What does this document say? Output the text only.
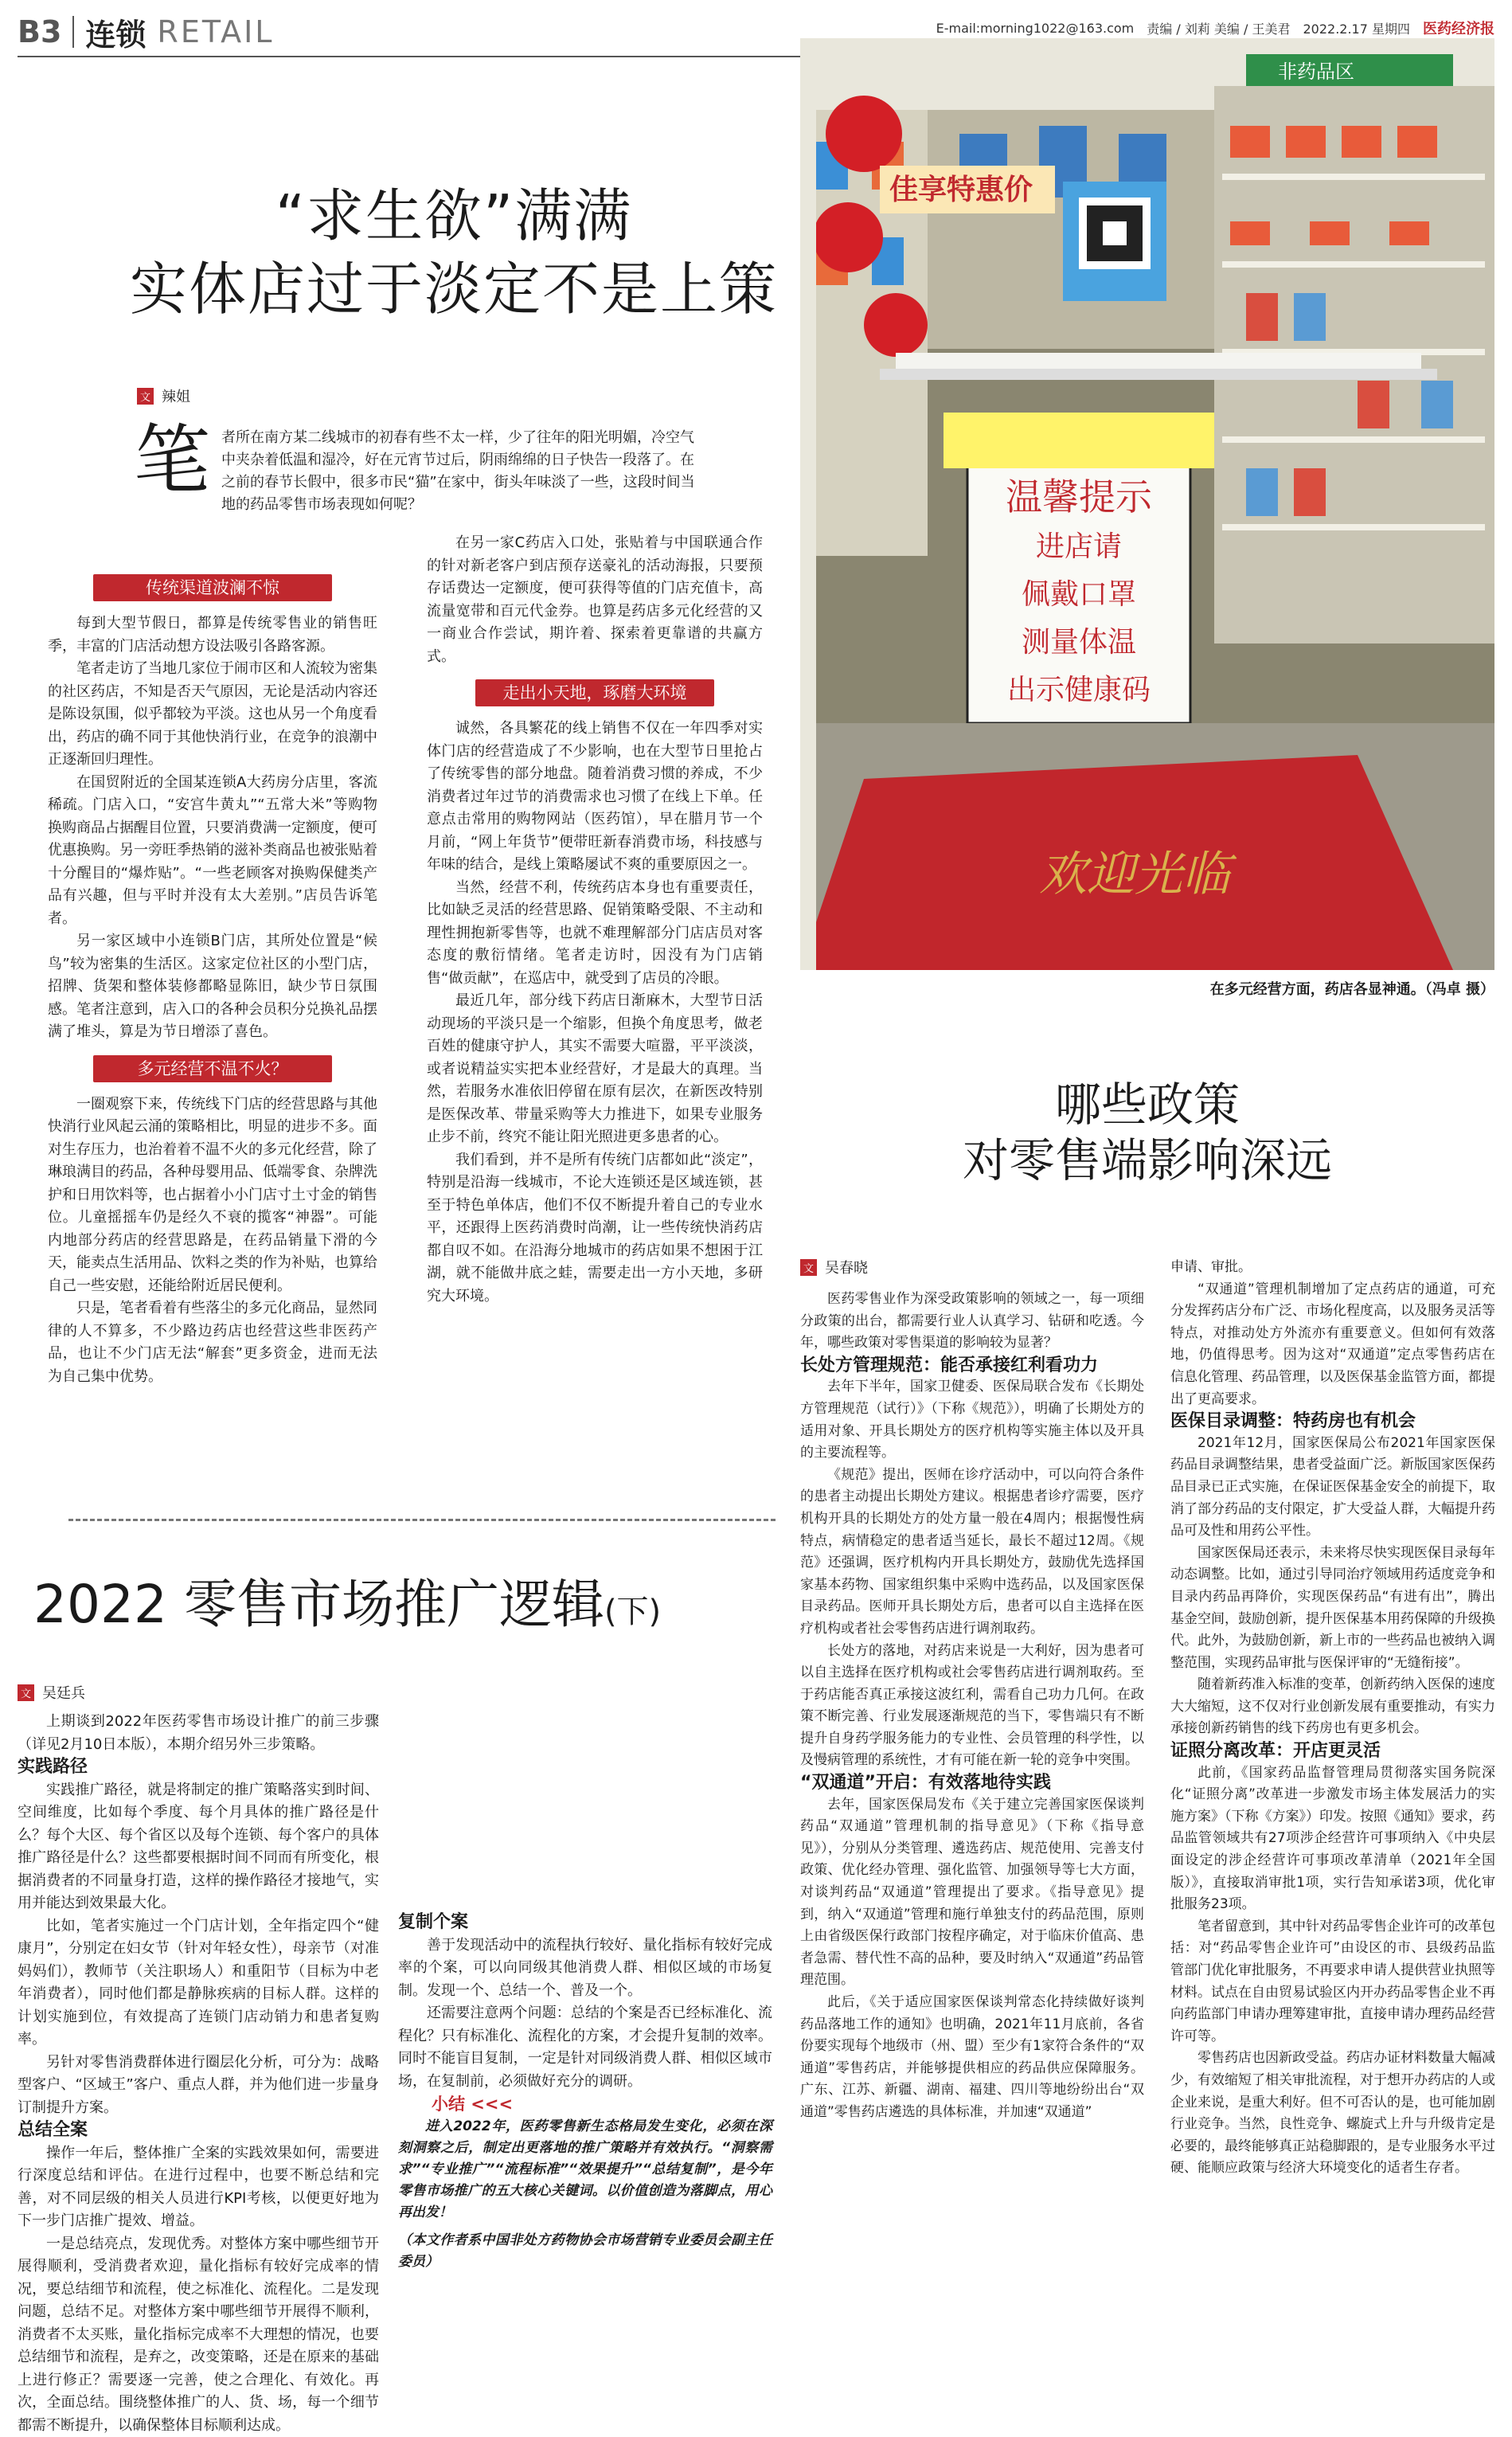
B3 连锁 RETAIL	E-mail:morning1022@163.com 责编 / 刘莉 美编 / 王美君 2022.2.17 星期四 医药经济报
“求生欲”满满
实体店过于淡定不是上策
文 辣姐
笔 者所在南方某二线城市的初春有些不太一样，少了往年的阳光明媚，冷空气中夹杂着低温和湿冷，好在元宵节过后，阴雨绵绵的日子快告一段落了。在之前的春节长假中，很多市民“猫”在家中，街头年味淡了一些，这段时间当地的药品零售市场表现如何呢？
非药品区
佳享特惠价
温馨提示
进店请
佩戴口罩
测量体温
出示健康码
欢迎光临
在多元经营方面，药店各显神通。（冯卓 摄）
传统渠道波澜不惊

每到大型节假日，都算是传统零售业的销售旺季，丰富的门店活动想方设法吸引各路客源。

笔者走访了当地几家位于闹市区和人流较为密集的社区药店，不知是否天气原因，无论是活动内容还是陈设氛围，似乎都较为平淡。这也从另一个角度看出，药店的确不同于其他快消行业，在竞争的浪潮中正逐渐回归理性。

在国贸附近的全国某连锁A大药房分店里，客流稀疏。门店入口，“安宫牛黄丸”“五常大米”等购物换购商品占据醒目位置，只要消费满一定额度，便可优惠换购。另一旁旺季热销的滋补类商品也被张贴着十分醒目的“爆炸贴”。“一些老顾客对换购保健类产品有兴趣，但与平时并没有太大差别。”店员告诉笔者。

另一家区域中小连锁B门店，其所处位置是“候鸟”较为密集的生活区。这家定位社区的小型门店，招牌、货架和整体装修都略显陈旧，缺少节日氛围感。笔者注意到，店入口的各种会员积分兑换礼品摆满了堆头，算是为节日增添了喜色。

多元经营不温不火？

一圈观察下来，传统线下门店的经营思路与其他快消行业风起云涌的策略相比，明显的进步不多。面对生存压力，也治着着不温不火的多元化经营，除了琳琅满目的药品，各种母婴用品、低端零食、杂牌洗护和日用饮料等，也占据着小小门店寸土寸金的销售位。儿童摇摇车仍是经久不衰的揽客“神器”。可能内地部分药店的经营思路是，在药品销量下滑的今天，能卖点生活用品、饮料之类的作为补贴，也算给自己一些安慰，还能给附近居民便利。

只是，笔者看着有些落尘的多元化商品，显然同律的人不算多，不少路边药店也经营这些非医药产品，也让不少门店无法“解套”更多资金，进而无法为自己集中优势。

在另一家C药店入口处，张贴着与中国联通合作的针对新老客户到店预存送豪礼的活动海报，只要预存话费达一定额度，便可获得等值的门店充值卡，高流量宽带和百元代金券。也算是药店多元化经营的又一商业合作尝试，期许着、探索着更靠谱的共赢方式。

走出小天地，琢磨大环境

诚然，各具繁花的线上销售不仅在一年四季对实体门店的经营造成了不少影响，也在大型节日里抢占了传统零售的部分地盘。随着消费习惯的养成，不少消费者过年过节的消费需求也习惯了在线上下单。任意点击常用的购物网站（医药馆），早在腊月节一个月前，“网上年货节”便带旺新春消费市场，科技感与年味的结合，是线上策略屡试不爽的重要原因之一。

当然，经营不利，传统药店本身也有重要责任，比如缺乏灵活的经营思路、促销策略受限、不主动和理性拥抱新零售等，也就不难理解部分门店店员对客态度的敷衍情绪。笔者走访时，因没有为门店销售“做贡献”，在巡店中，就受到了店员的冷眼。

最近几年，部分线下药店日渐麻木，大型节日活动现场的平淡只是一个缩影，但换个角度思考，做老百姓的健康守护人，其实不需要大喧嚣，平平淡淡，或者说精益实实把本业经营好，才是最大的真理。当然，若服务水准依旧停留在原有层次，在新医改特别是医保改革、带量采购等大力推进下，如果专业服务止步不前，终究不能让阳光照进更多患者的心。

我们看到，并不是所有传统门店都如此“淡定”，特别是沿海一线城市，不论大连锁还是区域连锁，甚至于特色单体店，他们不仅不断提升着自己的专业水平，还跟得上医药消费时尚潮，让一些传统快消药店都自叹不如。在沿海分地城市的药店如果不想困于江湖，就不能做井底之蛙，需要走出一方小天地，多研究大环境。

2022 零售市场推广逻辑(下)
文 吴廷兵

上期谈到2022年医药零售市场设计推广的前三步骤（详见2月10日本版），本期介绍另外三步策略。

实践路径

实践推广路径，就是将制定的推广策略落实到时间、空间维度，比如每个季度、每个月具体的推广路径是什么？每个大区、每个省区以及每个连锁、每个客户的具体推广路径是什么？这些都要根据时间不同而有所变化，根据消费者的不同量身打造，这样的操作路径才接地气，实用并能达到效果最大化。

比如，笔者实施过一个门店计划，全年指定四个“健康月”，分别定在妇女节（针对年轻女性），母亲节（对准妈妈们），教师节（关注职场人）和重阳节（目标为中老年消费者），同时他们都是静脉疾病的目标人群。这样的计划实施到位，有效提高了连锁门店动销力和患者复购率。

另针对零售消费群体进行圈层化分析，可分为：战略型客户、“区域王”客户、重点人群，并为他们进一步量身订制提升方案。

总结全案

操作一年后，整体推广全案的实践效果如何，需要进行深度总结和评估。在进行过程中，也要不断总结和完善，对不同层级的相关人员进行KPI考核，以便更好地为下一步门店推广提效、增益。

一是总结亮点，发现优秀。对整体方案中哪些细节开展得顺利，受消费者欢迎，量化指标有较好完成率的情况，要总结细节和流程，使之标准化、流程化。二是发现问题，总结不足。对整体方案中哪些细节开展得不顺利，消费者不太买账，量化指标完成率不大理想的情况，也要总结细节和流程，是弃之，改变策略，还是在原来的基础上进行修正？需要逐一完善，使之合理化、有效化。再次，全面总结。围绕整体推广的人、货、场，每一个细节都需不断提升，以确保整体目标顺利达成。

复制个案

善于发现活动中的流程执行较好、量化指标有较好完成率的个案，可以向同级其他消费人群、相似区域的市场复制。发现一个、总结一个、普及一个。

还需要注意两个问题：总结的个案是否已经标准化、流程化？只有标准化、流程化的方案，才会提升复制的效率。同时不能盲目复制，一定是针对同级消费人群、相似区域市场，在复制前，必须做好充分的调研。

小结 <<<

进入2022年，医药零售新生态格局发生变化，必须在深刻洞察之后，制定出更落地的推广策略并有效执行。“洞察需求”“专业推广”“流程标准”“效果提升”“总结复制”，是今年零售市场推广的五大核心关键词。以价值创造为落脚点，用心再出发！

（本文作者系中国非处方药物协会市场营销专业委员会副主任委员）

哪些政策
对零售端影响深远
文 吴春晓

医药零售业作为深受政策影响的领域之一，每一项细分政策的出台，都需要行业人认真学习、钻研和吃透。今年，哪些政策对零售渠道的影响较为显著？

长处方管理规范：能否承接红利看功力

去年下半年，国家卫健委、医保局联合发布《长期处方管理规范（试行）》（下称《规范》），明确了长期处方的适用对象、开具长期处方的医疗机构等实施主体以及开具的主要流程等。

《规范》提出，医师在诊疗活动中，可以向符合条件的患者主动提出长期处方建议。根据患者诊疗需要，医疗机构开具的长期处方的处方量一般在4周内；根据慢性病特点，病情稳定的患者适当延长，最长不超过12周。《规范》还强调，医疗机构内开具长期处方，鼓励优先选择国家基本药物、国家组织集中采购中选药品，以及国家医保目录药品。医师开具长期处方后，患者可以自主选择在医疗机构或者社会零售药店进行调剂取药。

长处方的落地，对药店来说是一大利好，因为患者可以自主选择在医疗机构或社会零售药店进行调剂取药。至于药店能否真正承接这波红利，需看自己功力几何。在政策不断完善、行业发展逐渐规范的当下，零售端只有不断提升自身药学服务能力的专业性、会员管理的科学性，以及慢病管理的系统性，才有可能在新一轮的竞争中突围。

“双通道”开启：有效落地待实践

去年，国家医保局发布《关于建立完善国家医保谈判药品“双通道”管理机制的指导意见》（下称《指导意见》），分别从分类管理、遴选药店、规范使用、完善支付政策、优化经办管理、强化监管、加强领导等七大方面，对谈判药品“双通道”管理提出了要求。《指导意见》提到，纳入“双通道”管理和施行单独支付的药品范围，原则上由省级医保行政部门按程序确定，对于临床价值高、患者急需、替代性不高的品种，要及时纳入“双通道”药品管理范围。

此后，《关于适应国家医保谈判常态化持续做好谈判药品落地工作的通知》也明确，2021年11月底前，各省份要实现每个地级市（州、盟）至少有1家符合条件的“双通道”零售药店，并能够提供相应的药品供应保障服务。广东、江苏、新疆、湖南、福建、四川等地纷纷出台“双通道”零售药店遴选的具体标准，并加速“双通道”

申请、审批。

“双通道”管理机制增加了定点药店的通道，可充分发挥药店分布广泛、市场化程度高，以及服务灵活等特点，对推动处方外流亦有重要意义。但如何有效落地，仍值得思考。因为这对“双通道”定点零售药店在信息化管理、药品管理，以及医保基金监管方面，都提出了更高要求。

医保目录调整：特药房也有机会

2021年12月，国家医保局公布2021年国家医保药品目录调整结果，患者受益面广泛。新版国家医保药品目录已正式实施，在保证医保基金安全的前提下，取消了部分药品的支付限定，扩大受益人群，大幅提升药品可及性和用药公平性。

国家医保局还表示，未来将尽快实现医保目录每年动态调整。比如，通过引导同治疗领域用药适度竞争和目录内药品再降价，实现医保药品“有进有出”，腾出基金空间，鼓励创新，提升医保基本用药保障的升级换代。此外，为鼓励创新，新上市的一些药品也被纳入调整范围，实现药品审批与医保评审的“无缝衔接”。

随着新药准入标准的变革，创新药纳入医保的速度大大缩短，这不仅对行业创新发展有重要推动，有实力承接创新药销售的线下药房也有更多机会。

证照分离改革：开店更灵活

此前，《国家药品监督管理局贯彻落实国务院深化“证照分离”改革进一步激发市场主体发展活力的实施方案》（下称《方案》）印发。按照《通知》要求，药品监管领域共有27项涉企经营许可事项纳入《中央层面设定的涉企经营许可事项改革清单（2021年全国版）》，直接取消审批1项，实行告知承诺3项，优化审批服务23项。

笔者留意到，其中针对药品零售企业许可的改革包括：对“药品零售企业许可”由设区的市、县级药品监管部门优化审批服务，不再要求申请人提供营业执照等材料。试点在自由贸易试验区内开办药品零售企业不再向药监部门申请办理筹建审批，直接申请办理药品经营许可等。

零售药店也因新政受益。药店办证材料数量大幅减少，有效缩短了相关审批流程，对于想开办药店的人或企业来说，是重大利好。但不可否认的是，也可能加剧行业竞争。当然，良性竞争、螺旋式上升与升级肯定是必要的，最终能够真正站稳脚跟的，是专业服务水平过硬、能顺应政策与经济大环境变化的适者生存者。
